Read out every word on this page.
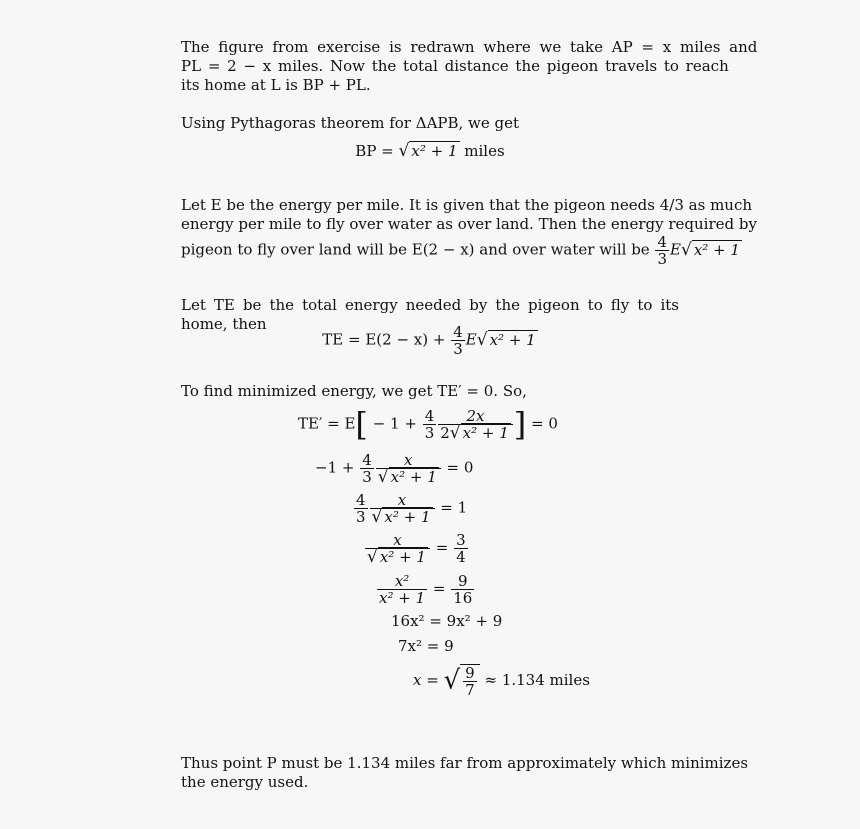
The figure from exercise is redrawn where we take AP = x miles and
PL = 2 − x miles. Now the total distance the pigeon travels to reach
its home at L is BP + PL.
Using Pythagoras theorem for ΔAPB, we get
BP = √ x² + 1 miles
Let E be the energy per mile. It is given that the pigeon needs 4/3 as much
energy per mile to fly over water as over land. Then the energy required by
pigeon to fly over land will be E(2 − x) and over water will be $\frac{4}{3} E√$ x² + 1
Let TE be the total energy needed by the pigeon to fly to its home, then
TE = $E(2 - x) + \frac{4}{3} E√$ x² + 1
To find minimized energy, we get TE′ = 0. So,
$TE' = E[ - 1 + \frac{4}{3} \frac{2x}{\text{2√ x² + 1}}$ ] = 0
$-1 + \frac{4}{3} \frac{x}{\text{√ x² + 1}} = 0$
$\frac{4}{3} \frac{x}{\text{√ x² + 1}} = 1$
$\frac{x}{\text{√ x² + 1}} = \frac{3}{4}$
$\frac{\text{x²}}{\text{x² + 1}} = \frac{9}{16}$
16x² = 9x² + 9
7x² = 9
x = √ $\frac{9}{7} \approx 1.134$ miles
Thus point P must be 1.134 miles far from approximately which minimizes
the energy used.
